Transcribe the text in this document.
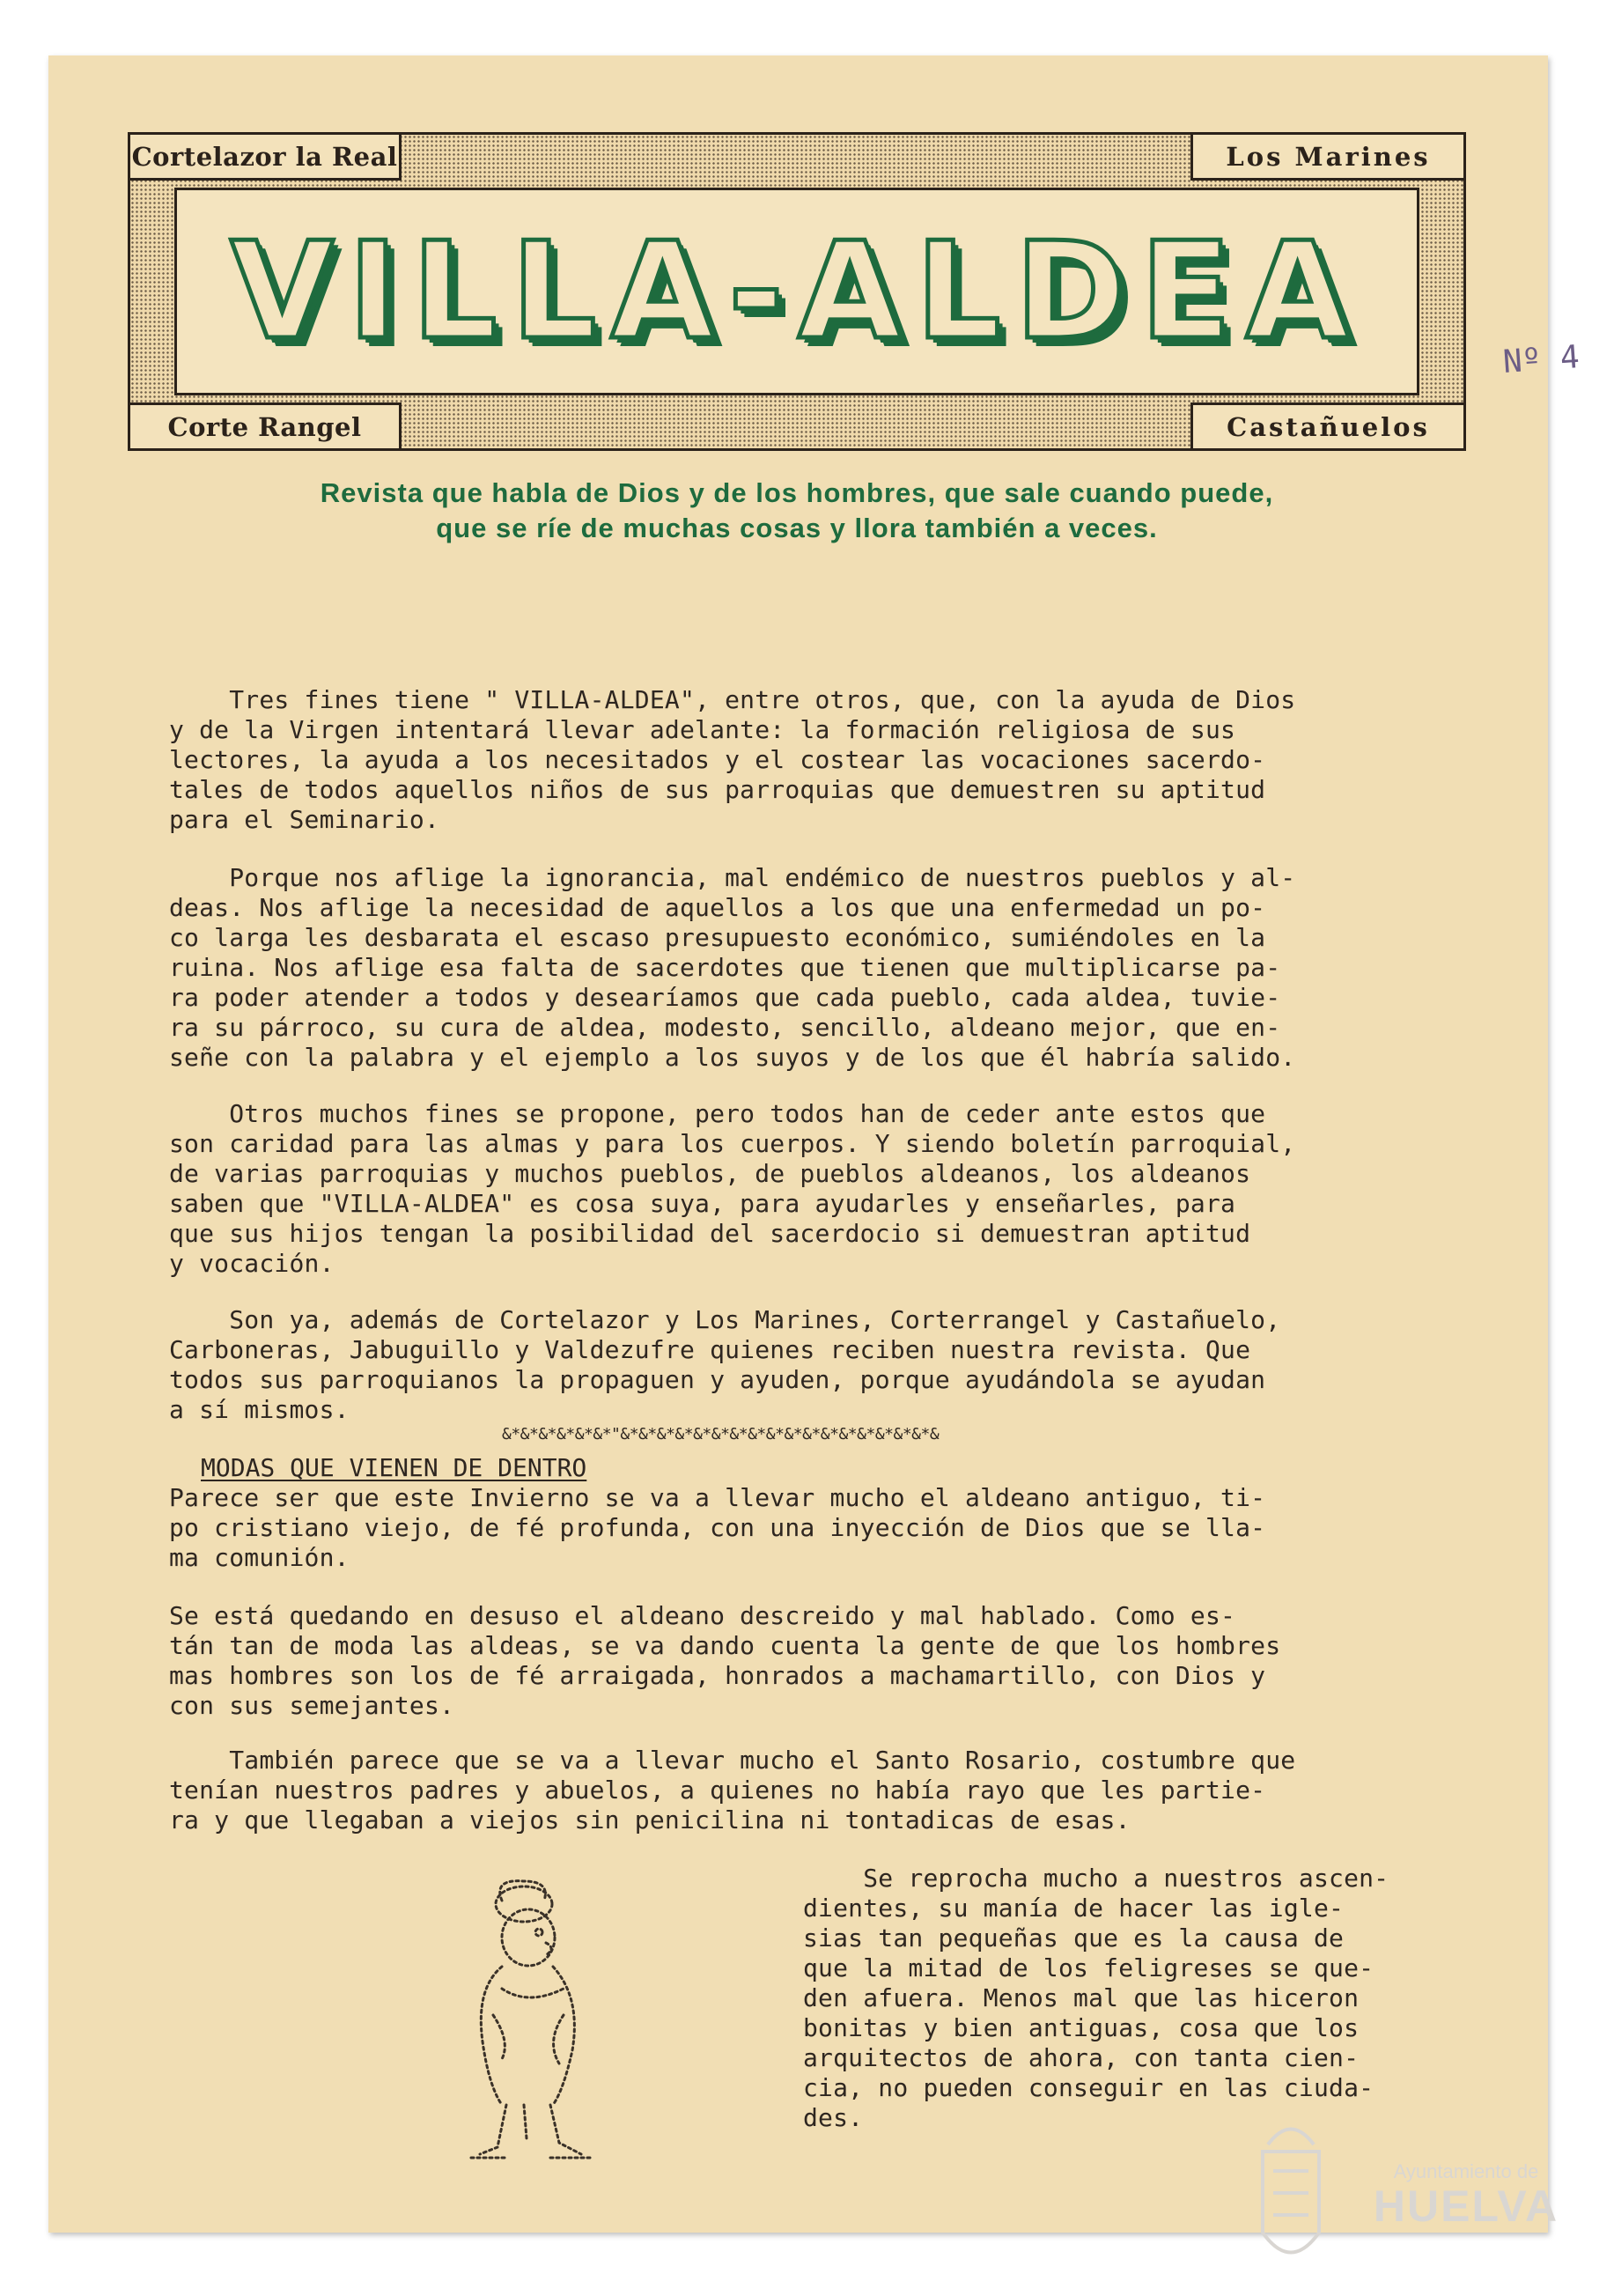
Cortelazor la Real	Los Marines
VILLA-ALDEA
Corte Rangel	Castañuelos
Nº 4
Revista que habla de Dios y de los hombres, que sale cuando puede,
que se ríe de muchas cosas y llora también a veces.
Tres fines tiene " VILLA-ALDEA", entre otros, que, con la ayuda de Dios
y de la Virgen intentará llevar adelante: la formación religiosa de sus
lectores, la ayuda a los necesitados y el costear las vocaciones sacerdo-
tales de todos aquellos niños de sus parroquias que demuestren su aptitud
para el Seminario.
Porque nos aflige la ignorancia, mal endémico de nuestros pueblos y al-
deas. Nos aflige la necesidad de aquellos a los que una enfermedad un po-
co larga les desbarata el escaso presupuesto económico, sumiéndoles en la
ruina. Nos aflige esa falta de sacerdotes que tienen que multiplicarse pa-
ra poder atender a todos y desearíamos que cada pueblo, cada aldea, tuvie-
ra su párroco, su cura de aldea, modesto, sencillo, aldeano mejor, que en-
señe con la palabra y el ejemplo a los suyos y de los que él habría salido.
Otros muchos fines se propone, pero todos han de ceder ante estos que
son caridad para las almas y para los cuerpos. Y siendo boletín parroquial,
de varias parroquias y muchos pueblos, de pueblos aldeanos, los aldeanos
saben que "VILLA-ALDEA" es cosa suya, para ayudarles y enseñarles, para
que sus hijos tengan la posibilidad del sacerdocio si demuestran aptitud
y vocación.
Son ya, además de Cortelazor y Los Marines, Corterrangel y Castañuelo,
Carboneras, Jabuguillo y Valdezufre quienes reciben nuestra revista. Que
todos sus parroquianos la propaguen y ayuden, porque ayudándola se ayudan
a sí mismos.
&*&*&*&*&*&*"&*&*&*&*&*&*&*&*&*&*&*&*&*&*&*&*&*&
MODAS QUE VIENEN DE DENTRO
Parece ser que este Invierno se va a llevar mucho el aldeano antiguo, ti-
po cristiano viejo, de fé profunda, con una inyección de Dios que se lla-
ma comunión.
Se está quedando en desuso el aldeano descreido y mal hablado. Como es-
tán tan de moda las aldeas, se va dando cuenta la gente de que los hombres
mas hombres son los de fé arraigada, honrados a machamartillo, con Dios y
con sus semejantes.
También parece que se va a llevar mucho el Santo Rosario, costumbre que
tenían nuestros padres y abuelos, a quienes no había rayo que les partie-
ra y que llegaban a viejos sin penicilina ni tontadicas de esas.
Se reprocha mucho a nuestros ascen-
dientes, su manía de hacer las igle-
sias tan pequeñas que es la causa de
que la mitad de los feligreses se que-
den afuera. Menos mal que las hiceron
bonitas y bien antiguas, cosa que los
arquitectos de ahora, con tanta cien-
cia, no pueden conseguir en las ciuda-
des.
Ayuntamiento de
HUELVA
